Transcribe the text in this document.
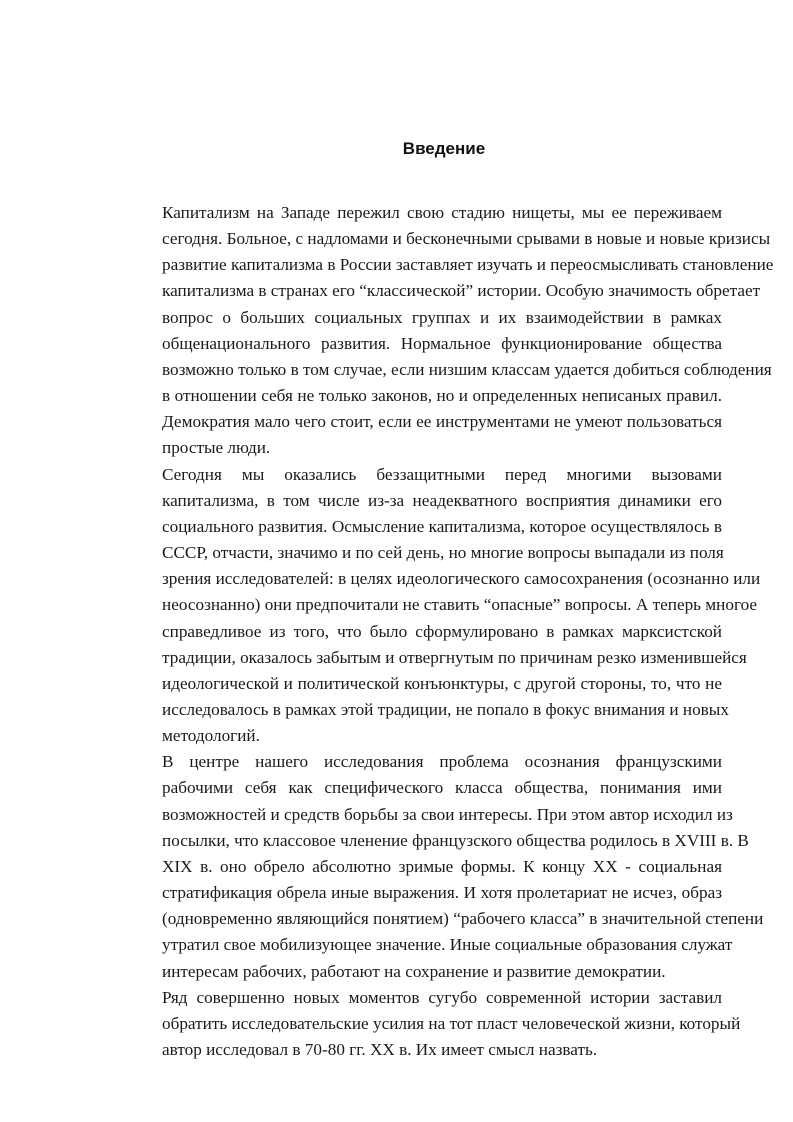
Введение
Капитализм на Западе пережил свою стадию нищеты, мы ее переживаем
сегодня. Больное, с надломами и бесконечными срывами в новые и новые кризисы
развитие капитализма в России заставляет изучать и переосмысливать становление
капитализма в странах его “классической” истории. Особую значимость обретает
вопрос о больших социальных группах и их взаимодействии в рамках
общенационального развития. Нормальное функционирование общества
возможно только в том случае, если низшим классам удается добиться соблюдения
в отношении себя не только законов, но и определенных неписаных правил.
Демократия мало чего стоит, если ее инструментами не умеют пользоваться
простые люди.
Сегодня мы оказались беззащитными перед многими вызовами
капитализма, в том числе из-за неадекватного восприятия динамики его
социального развития. Осмысление капитализма, которое осуществлялось в
СССР, отчасти, значимо и по сей день, но многие вопросы выпадали из поля
зрения исследователей: в целях идеологического самосохранения (осознанно или
неосознанно) они предпочитали не ставить “опасные” вопросы. А теперь многое
справедливое из того, что было сформулировано в рамках марксистской
традиции, оказалось забытым и отвергнутым по причинам резко изменившейся
идеологической и политической конъюнктуры, с другой стороны, то, что не
исследовалось в рамках этой традиции, не попало в фокус внимания и новых
методологий.
В центре нашего исследования проблема осознания французскими
рабочими себя как специфического класса общества, понимания ими
возможностей и средств борьбы за свои интересы. При этом автор исходил из
посылки, что классовое членение французского общества родилось в XVIII в. В
XIX в. оно обрело абсолютно зримые формы. К концу XX - социальная
стратификация обрела иные выражения. И хотя пролетариат не исчез, образ
(одновременно являющийся понятием) “рабочего класса” в значительной степени
утратил свое мобилизующее значение. Иные социальные образования служат
интересам рабочих, работают на сохранение и развитие демократии.
Ряд совершенно новых моментов сугубо современной истории заставил
обратить исследовательские усилия на тот пласт человеческой жизни, который
автор исследовал в 70-80 гг. XX в. Их имеет смысл назвать.
